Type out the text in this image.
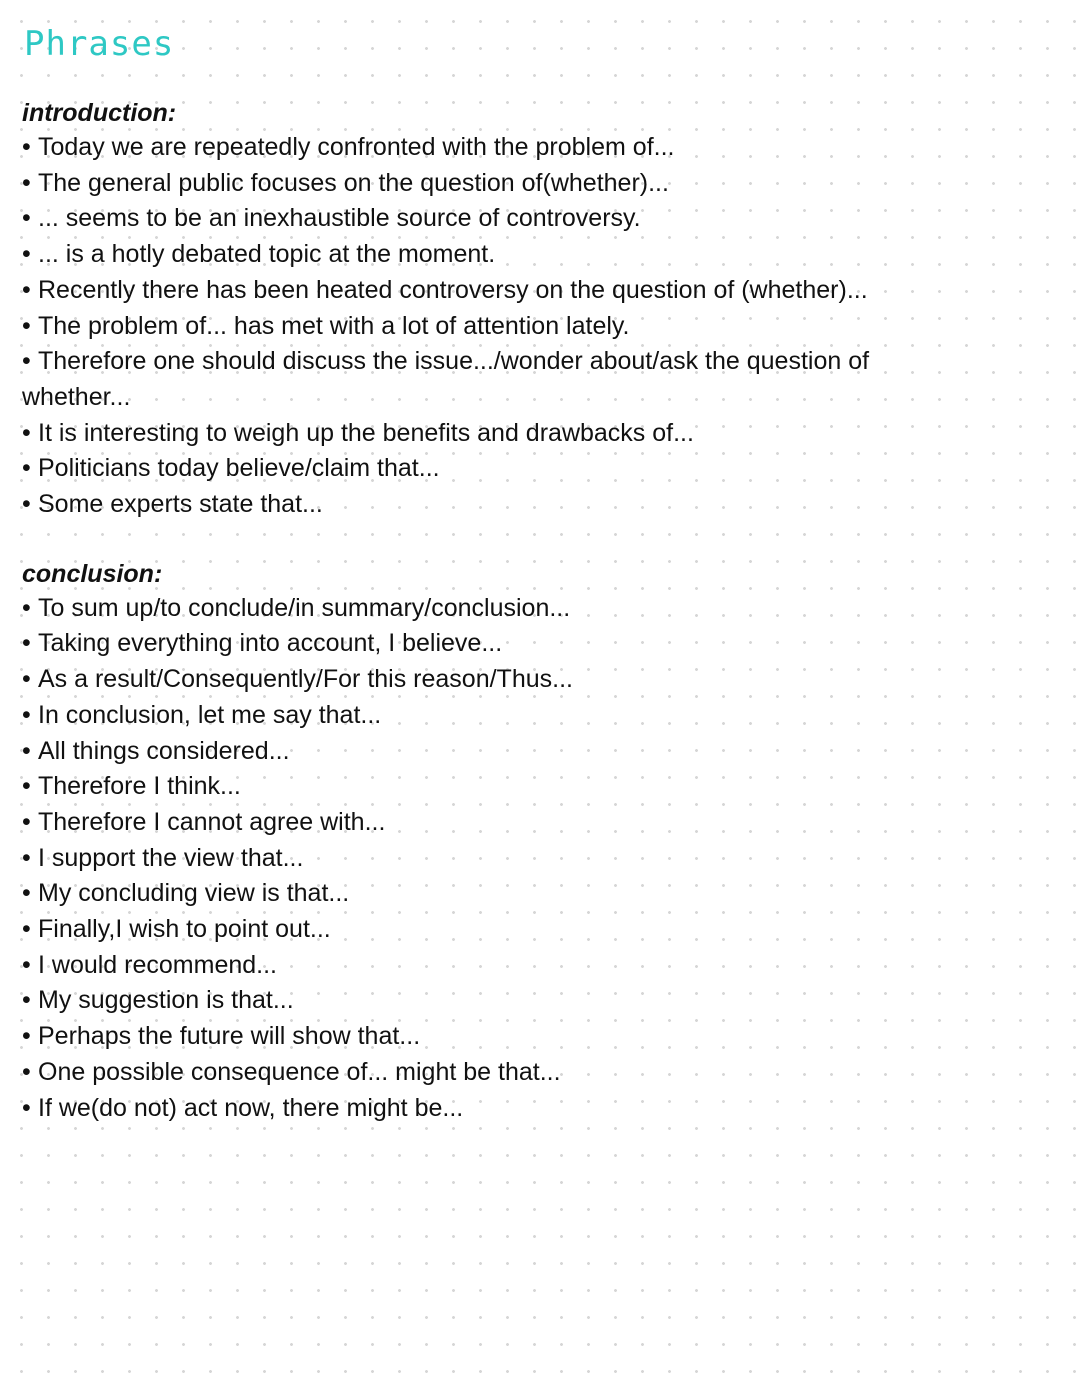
Phrases
introduction:
• Today we are repeatedly confronted with the problem of...
• The general public focuses on the question of(whether)...
• ... seems to be an inexhaustible source of controversy.
• ... is a hotly debated topic at the moment.
• Recently there has been heated controversy on the question of (whether)...
• The problem of... has met with a lot of attention lately.
• Therefore one should discuss the issue.../wonder about/ask the question of whether...
• It is interesting to weigh up the benefits and drawbacks of...
• Politicians today believe/claim that...
• Some experts state that...
conclusion:
• To sum up/to conclude/in summary/conclusion...
• Taking everything into account, I believe...
• As a result/Consequently/For this reason/Thus...
• In conclusion, let me say that...
• All things considered...
• Therefore I think...
• Therefore I cannot agree with...
• I support the view that...
• My concluding view is that...
• Finally,I wish to point out...
• I would recommend...
• My suggestion is that...
• Perhaps the future will show that...
• One possible consequence of... might be that...
• If we(do not) act now, there might be...
